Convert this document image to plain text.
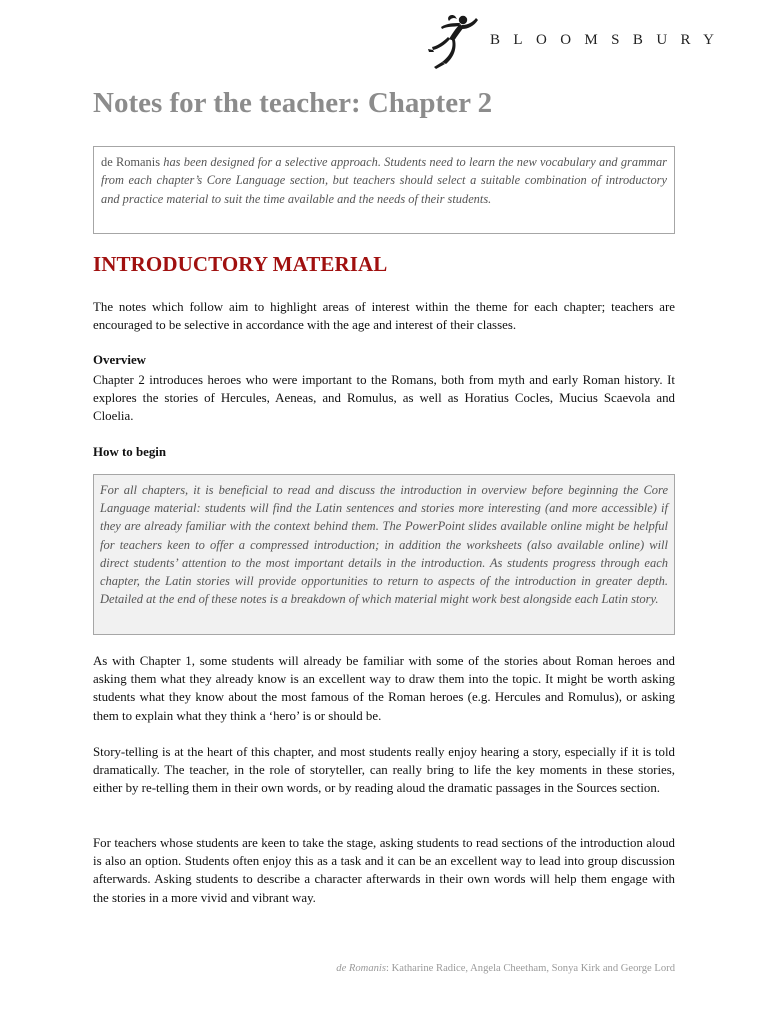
BLOOMSBURY
Notes for the teacher: Chapter 2
de Romanis has been designed for a selective approach. Students need to learn the new vocabulary and grammar from each chapter’s Core Language section, but teachers should select a suitable combination of introductory and practice material to suit the time available and the needs of their students.
INTRODUCTORY MATERIAL

The notes which follow aim to highlight areas of interest within the theme for each chapter; teachers are encouraged to be selective in accordance with the age and interest of their classes.

Overview

Chapter 2 introduces heroes who were important to the Romans, both from myth and early Roman history. It explores the stories of Hercules, Aeneas, and Romulus, as well as Horatius Cocles, Mucius Scaevola and Cloelia.

How to begin

For all chapters, it is beneficial to read and discuss the introduction in overview before beginning the Core Language material: students will find the Latin sentences and stories more interesting (and more accessible) if they are already familiar with the context behind them. The PowerPoint slides available online might be helpful for teachers keen to offer a compressed introduction; in addition the worksheets (also available online) will direct students’ attention to the most important details in the introduction. As students progress through each chapter, the Latin stories will provide opportunities to return to aspects of the introduction in greater depth. Detailed at the end of these notes is a breakdown of which material might work best alongside each Latin story.

As with Chapter 1, some students will already be familiar with some of the stories about Roman heroes and asking them what they already know is an excellent way to draw them into the topic. It might be worth asking students what they know about the most famous of the Roman heroes (e.g. Hercules and Romulus), or asking them to explain what they think a ‘hero’ is or should be.

Story-telling is at the heart of this chapter, and most students really enjoy hearing a story, especially if it is told dramatically. The teacher, in the role of storyteller, can really bring to life the key moments in these stories, either by re-telling them in their own words, or by reading aloud the dramatic passages in the Sources section.

For teachers whose students are keen to take the stage, asking students to read sections of the introduction aloud is also an option. Students often enjoy this as a task and it can be an excellent way to lead into group discussion afterwards. Asking students to describe a character afterwards in their own words will help them engage with the stories in a more vivid and vibrant way.

de Romanis: Katharine Radice, Angela Cheetham, Sonya Kirk and George Lord
